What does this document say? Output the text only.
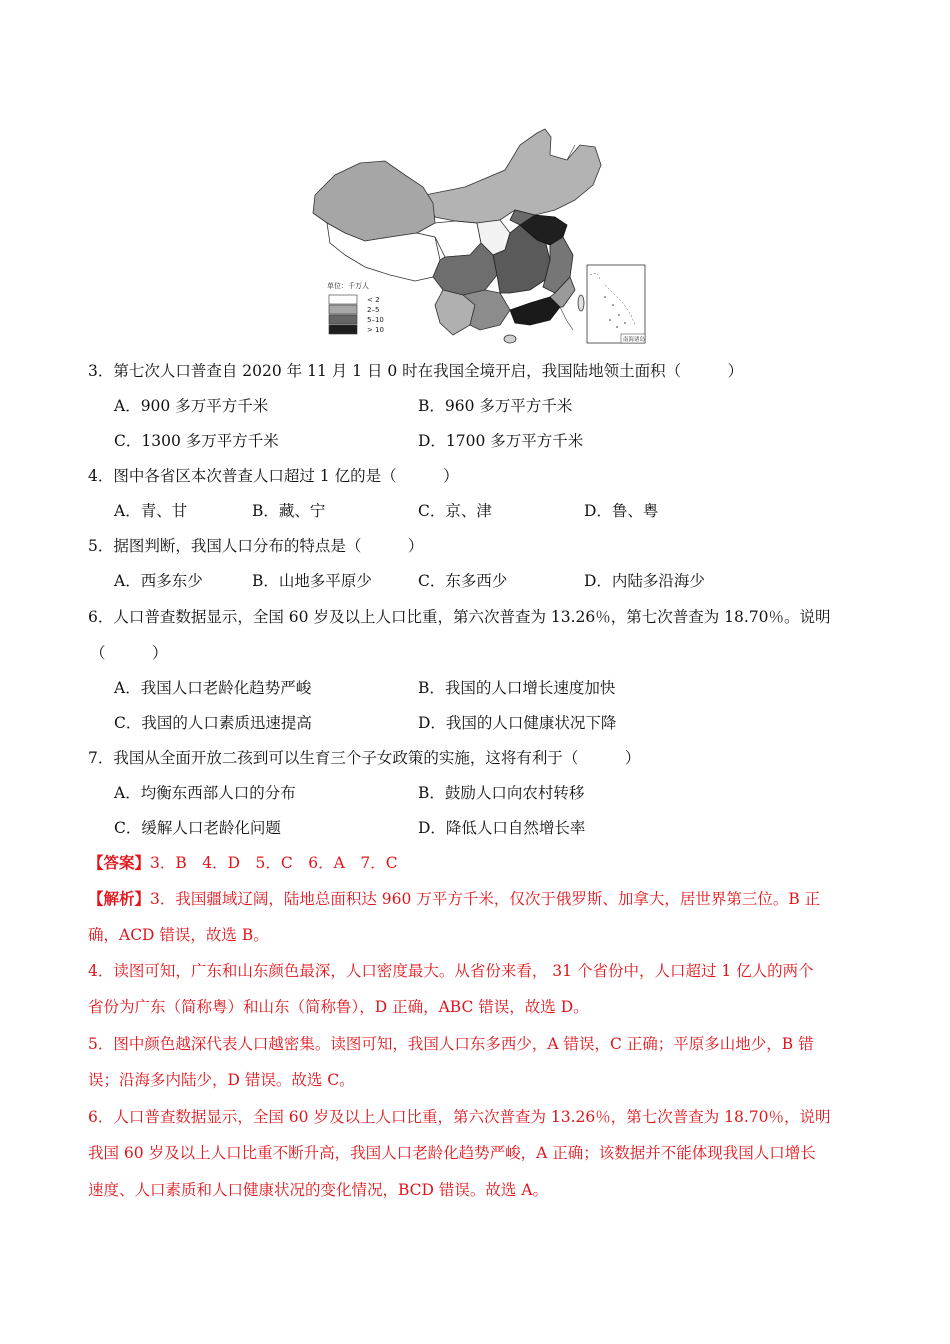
单位：千万人
< 2
2–5
5–10
> 10
南海诸岛
3．第七次人口普查自 2020 年 11 月 1 日 0 时在我国全境开启，我国陆地领土面积（　　　）
A．900 多万平方千米	B．960 多万平方千米
C．1300 多万平方千米	D．1700 多万平方千米
4．图中各省区本次普查人口超过 1 亿的是（　　　）
A．青、甘	B．藏、宁	C．京、津	D．鲁、粤
5．据图判断，我国人口分布的特点是（　　　）
A．西多东少	B．山地多平原少	C．东多西少	D．内陆多沿海少
6．人口普查数据显示，全国 60 岁及以上人口比重，第六次普查为 13.26％，第七次普查为 18.70％。说明
（　　　）
A．我国人口老龄化趋势严峻	B．我国的人口增长速度加快
C．我国的人口素质迅速提高	D．我国的人口健康状况下降
7．我国从全面开放二孩到可以生育三个子女政策的实施，这将有利于（　　　）
A．均衡东西部人口的分布	B．鼓励人口向农村转移
C．缓解人口老龄化问题	D．降低人口自然增长率
【答案】3．B　4．D　5．C　6．A　7．C
【解析】3．我国疆域辽阔，陆地总面积达 960 万平方千米，仅次于俄罗斯、加拿大，居世界第三位。B 正
确，ACD 错误，故选 B。
4．读图可知，广东和山东颜色最深，人口密度最大。从省份来看， 31 个省份中，人口超过 1 亿人的两个
省份为广东（简称粤）和山东（简称鲁），D 正确，ABC 错误，故选 D。
5．图中颜色越深代表人口越密集。读图可知，我国人口东多西少，A 错误，C 正确；平原多山地少，B 错
误；沿海多内陆少，D 错误。故选 C。
6．人口普查数据显示，全国 60 岁及以上人口比重，第六次普查为 13.26％，第七次普查为 18.70％，说明
我国 60 岁及以上人口比重不断升高，我国人口老龄化趋势严峻，A 正确；该数据并不能体现我国人口增长
速度、人口素质和人口健康状况的变化情况，BCD 错误。故选 A。
